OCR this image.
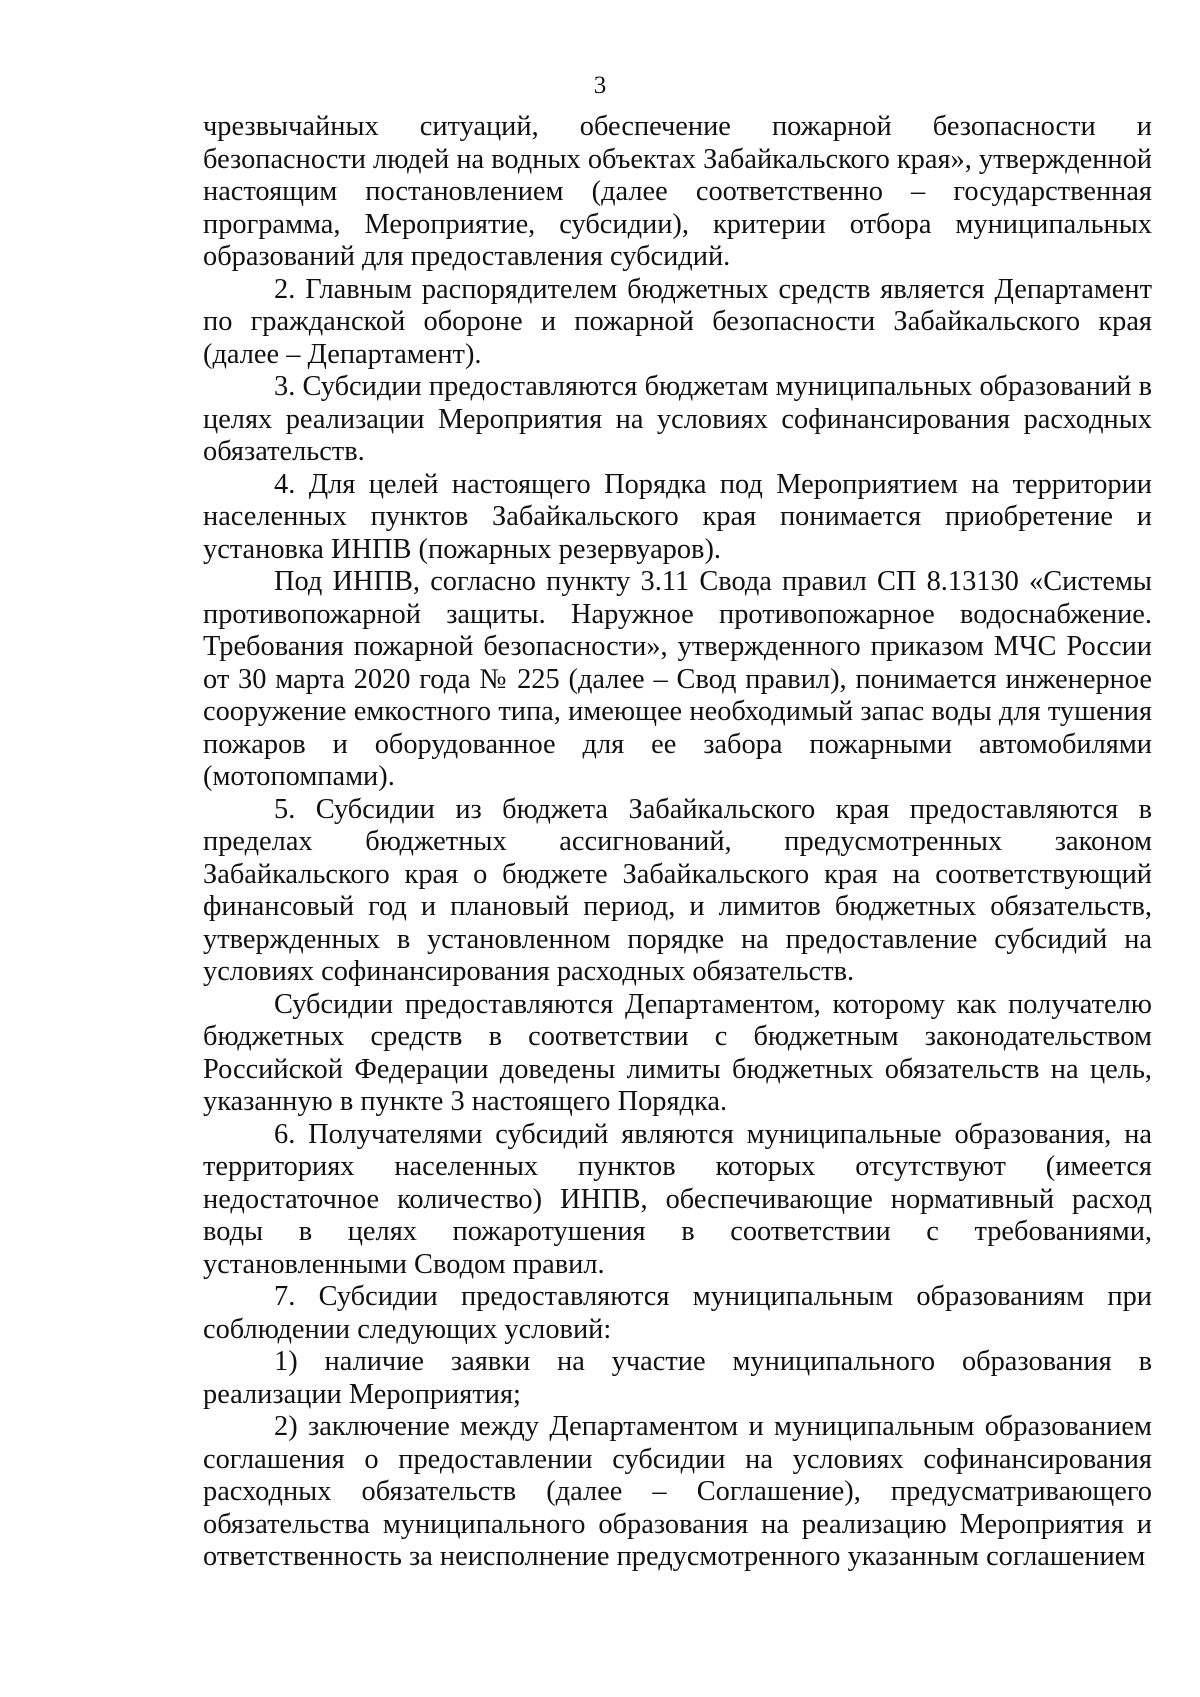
3

чрезвычайных ситуаций, обеспечение пожарной безопасности и безопасности людей на водных объектах Забайкальского края», утвержденной настоящим постановлением (далее соответственно – государственная программа, Мероприятие, субсидии), критерии отбора муниципальных образований для предоставления субсидий.

2. Главным распорядителем бюджетных средств является Департамент по гражданской обороне и пожарной безопасности Забайкальского края (далее – Департамент).

3. Субсидии предоставляются бюджетам муниципальных образований в целях реализации Мероприятия на условиях софинансирования расходных обязательств.

4. Для целей настоящего Порядка под Мероприятием на территории населенных пунктов Забайкальского края понимается приобретение и установка ИНПВ (пожарных резервуаров).

Под ИНПВ, согласно пункту 3.11 Свода правил СП 8.13130 «Системы противопожарной защиты. Наружное противопожарное водоснабжение. Требования пожарной безопасности», утвержденного приказом МЧС России от 30 марта 2020 года № 225 (далее – Свод правил), понимается инженерное сооружение емкостного типа, имеющее необходимый запас воды для тушения пожаров и оборудованное для ее забора пожарными автомобилями (мотопомпами).

5. Субсидии из бюджета Забайкальского края предоставляются в пределах бюджетных ассигнований, предусмотренных законом Забайкальского края о бюджете Забайкальского края на соответствующий финансовый год и плановый период, и лимитов бюджетных обязательств, утвержденных в установленном порядке на предоставление субсидий на условиях софинансирования расходных обязательств.

Субсидии предоставляются Департаментом, которому как получателю бюджетных средств в соответствии с бюджетным законодательством Российской Федерации доведены лимиты бюджетных обязательств на цель, указанную в пункте 3 настоящего Порядка.

6. Получателями субсидий являются муниципальные образования, на территориях населенных пунктов которых отсутствуют (имеется недостаточное количество) ИНПВ, обеспечивающие нормативный расход воды в целях пожаротушения в соответствии с требованиями, установленными Сводом правил.

7. Субсидии предоставляются муниципальным образованиям при соблюдении следующих условий:

1) наличие заявки на участие муниципального образования в реализации Мероприятия;

2) заключение между Департаментом и муниципальным образованием соглашения о предоставлении субсидии на условиях софинансирования расходных обязательств (далее – Соглашение), предусматривающего обязательства муниципального образования на реализацию Мероприятия и ответственность за неисполнение предусмотренного указанным соглашением
